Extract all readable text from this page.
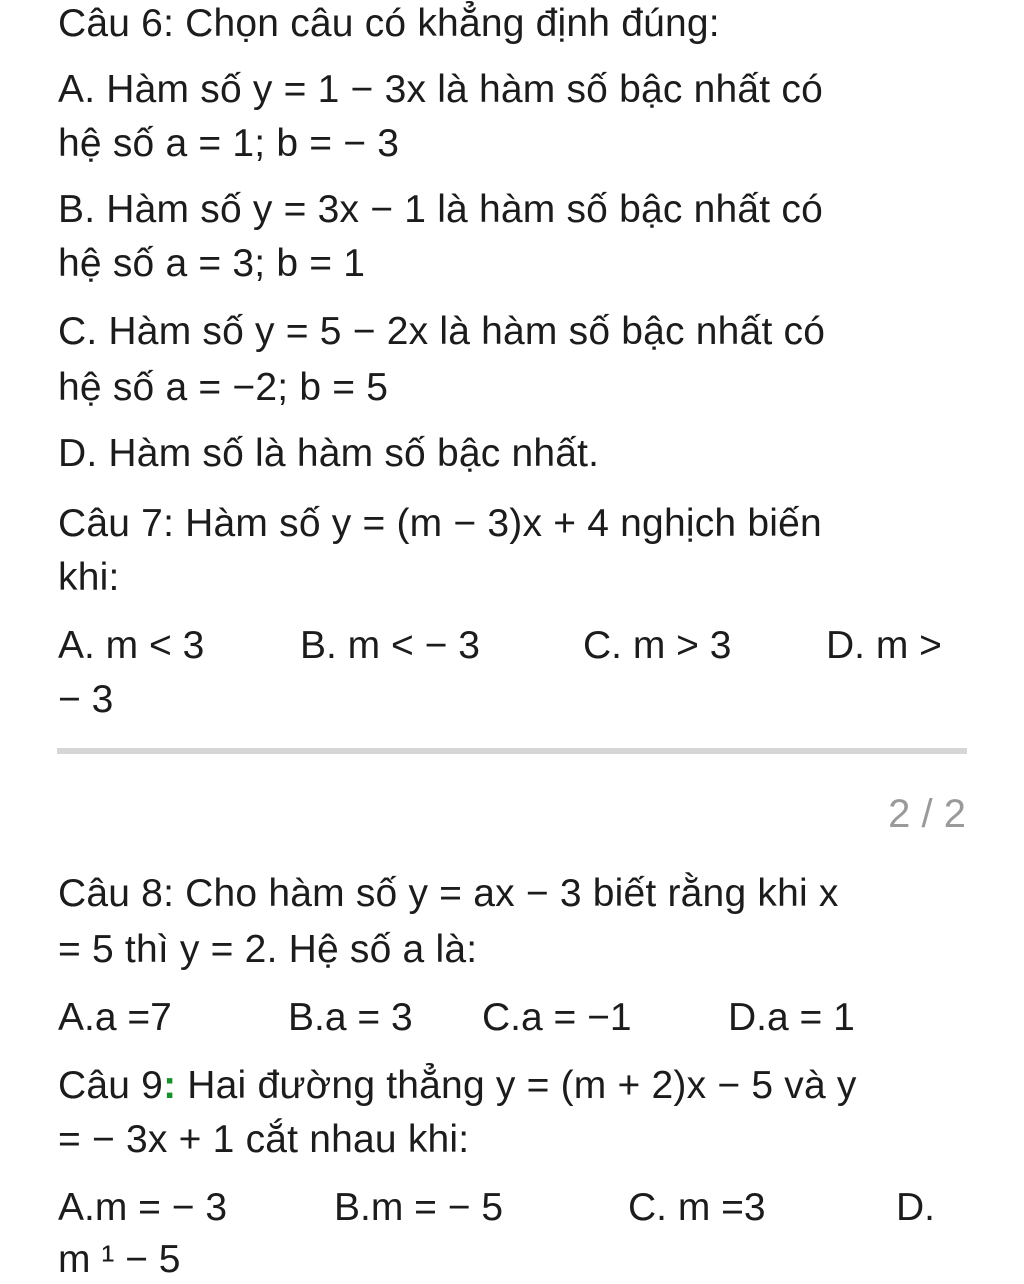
Câu 6: Chọn câu có khẳng định đúng:
A. Hàm số y = 1 − 3x là hàm số bậc nhất có
hệ số a = 1; b = − 3
B. Hàm số y = 3x − 1 là hàm số bậc nhất có
hệ số a = 3; b = 1
C. Hàm số y = 5 − 2x là hàm số bậc nhất có
hệ số a = −2; b = 5
D. Hàm số là hàm số bậc nhất.
Câu 7: Hàm số y = (m − 3)x + 4 nghịch biến
khi:
A. m < 3 B. m < − 3	C. m > 3 D. m >
− 3
2 / 2
Câu 8: Cho hàm số y = ax − 3 biết rằng khi x
= 5 thì y = 2. Hệ số a là:
A.a =7	B.a = 3 C.a = −1 D.a = 1
Câu 9: Hai đường thẳng y = (m + 2)x − 5 và y
= − 3x + 1 cắt nhau khi:
A.m = − 3	B.m = − 5	C. m =3	D.
m ¹ − 5
